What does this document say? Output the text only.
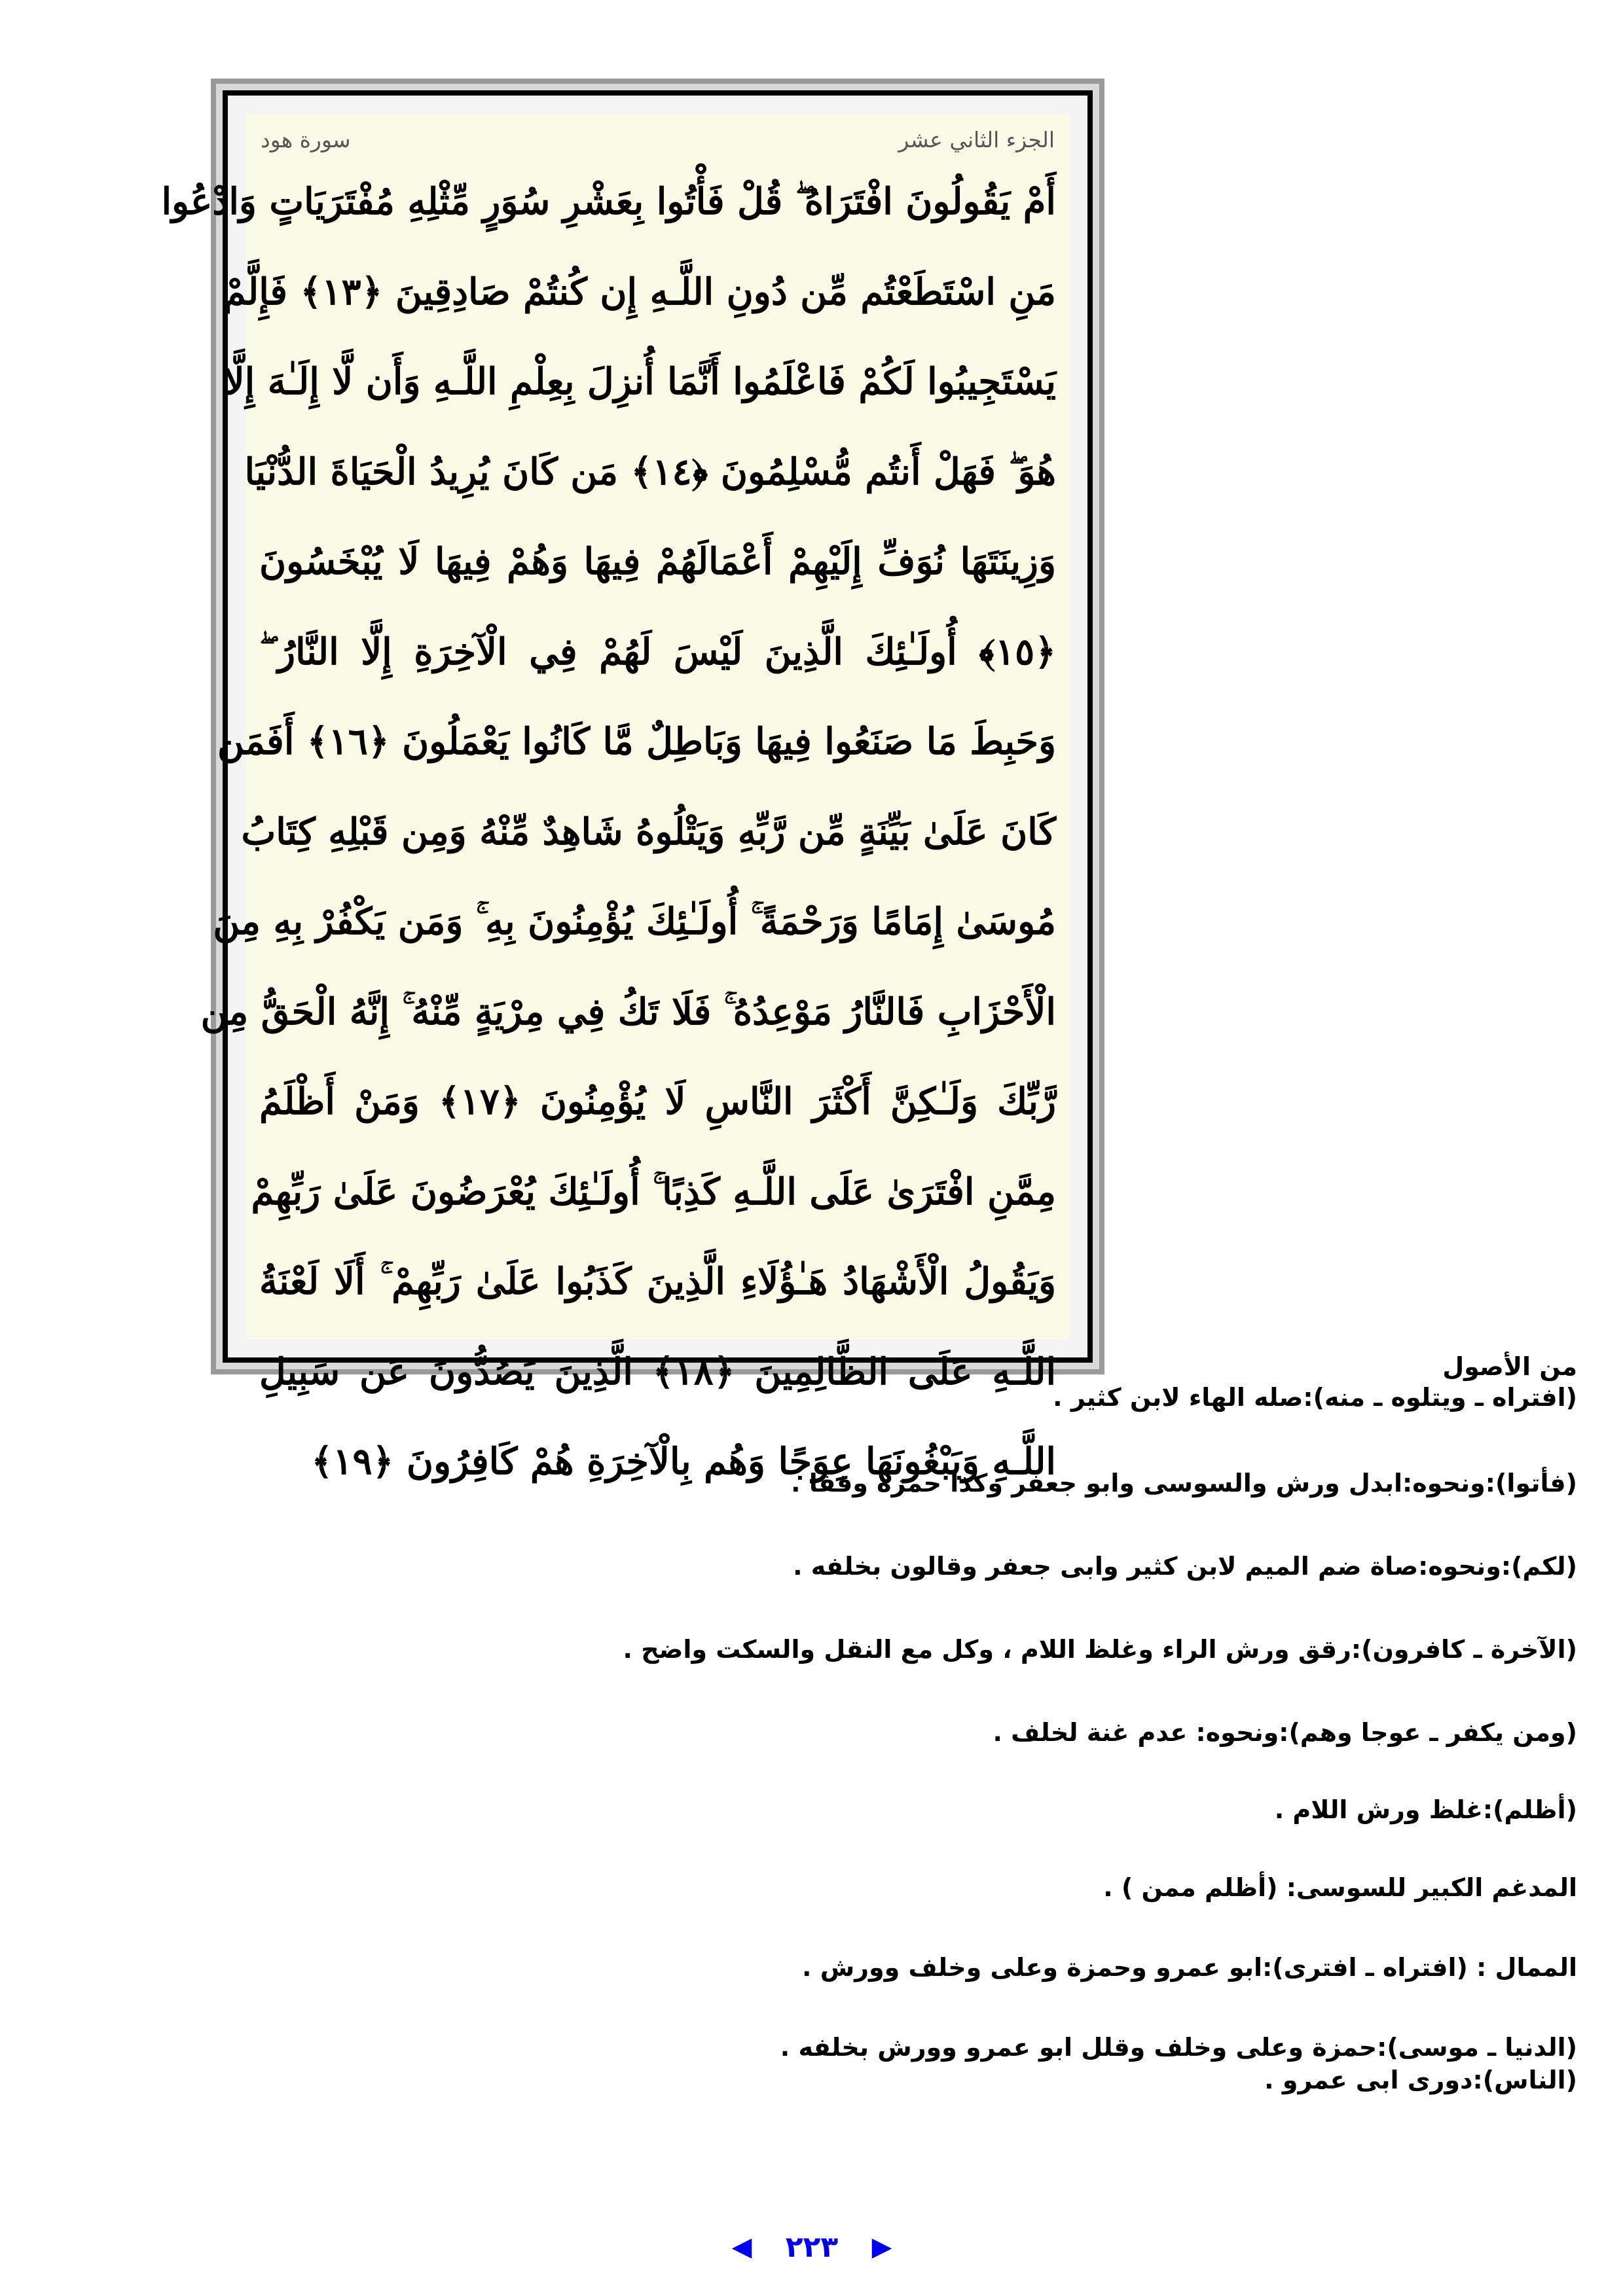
الجزء الثاني عشر
سورة هود
أَمْ يَقُولُونَ افْتَرَاهُ ۖ قُلْ فَأْتُوا بِعَشْرِ سُوَرٍ مِّثْلِهِ مُفْتَرَيَاتٍ وَادْعُوا
مَنِ اسْتَطَعْتُم مِّن دُونِ اللَّـهِ إِن كُنتُمْ صَادِقِينَ ﴿١٣﴾ فَإِلَّمْ
يَسْتَجِيبُوا لَكُمْ فَاعْلَمُوا أَنَّمَا أُنزِلَ بِعِلْمِ اللَّـهِ وَأَن لَّا إِلَـٰهَ إِلَّا
هُوَ ۖ فَهَلْ أَنتُم مُّسْلِمُونَ ﴿١٤﴾ مَن كَانَ يُرِيدُ الْحَيَاةَ الدُّنْيَا
وَزِينَتَهَا نُوَفِّ إِلَيْهِمْ أَعْمَالَهُمْ فِيهَا وَهُمْ فِيهَا لَا يُبْخَسُونَ
﴿١٥﴾ أُولَـٰئِكَ الَّذِينَ لَيْسَ لَهُمْ فِي الْآخِرَةِ إِلَّا النَّارُ ۖ
وَحَبِطَ مَا صَنَعُوا فِيهَا وَبَاطِلٌ مَّا كَانُوا يَعْمَلُونَ ﴿١٦﴾ أَفَمَن
كَانَ عَلَىٰ بَيِّنَةٍ مِّن رَّبِّهِ وَيَتْلُوهُ شَاهِدٌ مِّنْهُ وَمِن قَبْلِهِ كِتَابُ
مُوسَىٰ إِمَامًا وَرَحْمَةً ۚ أُولَـٰئِكَ يُؤْمِنُونَ بِهِ ۚ وَمَن يَكْفُرْ بِهِ مِنَ
الْأَحْزَابِ فَالنَّارُ مَوْعِدُهُ ۚ فَلَا تَكُ فِي مِرْيَةٍ مِّنْهُ ۚ إِنَّهُ الْحَقُّ مِن
رَّبِّكَ وَلَـٰكِنَّ أَكْثَرَ النَّاسِ لَا يُؤْمِنُونَ ﴿١٧﴾ وَمَنْ أَظْلَمُ
مِمَّنِ افْتَرَىٰ عَلَى اللَّـهِ كَذِبًا ۚ أُولَـٰئِكَ يُعْرَضُونَ عَلَىٰ رَبِّهِمْ
وَيَقُولُ الْأَشْهَادُ هَـٰؤُلَاءِ الَّذِينَ كَذَبُوا عَلَىٰ رَبِّهِمْ ۚ أَلَا لَعْنَةُ
اللَّـهِ عَلَى الظَّالِمِينَ ﴿١٨﴾ الَّذِينَ يَصُدُّونَ عَن سَبِيلِ
اللَّـهِ وَيَبْغُونَهَا عِوَجًا وَهُم بِالْآخِرَةِ هُمْ كَافِرُونَ ﴿١٩﴾
من الأصول
(افتراه ـ ويتلوه ـ منه):صله الهاء لابن كثير .
(فأتوا):ونحوه:ابدل ورش والسوسى وابو جعفر وكذا حمزة وقفا .
(لكم):ونحوه:صاة ضم الميم لابن كثير وابى جعفر وقالون بخلفه .
(الآخرة ـ كافرون):رقق ورش الراء وغلظ اللام ، وكل مع النقل والسكت واضح .
(ومن يكفر ـ عوجا وهم):ونحوه: عدم غنة لخلف .
(أظلم):غلظ ورش اللام .
المدغم الكبير للسوسى: (أظلم ممن ) .
الممال : (افتراه ـ افترى):ابو عمرو وحمزة وعلى وخلف وورش .
(الدنيا ـ موسى):حمزة وعلى وخلف وقلل ابو عمرو وورش بخلفه .
(الناس):دورى ابى عمرو .
◀ ٢٢٣ ▶
